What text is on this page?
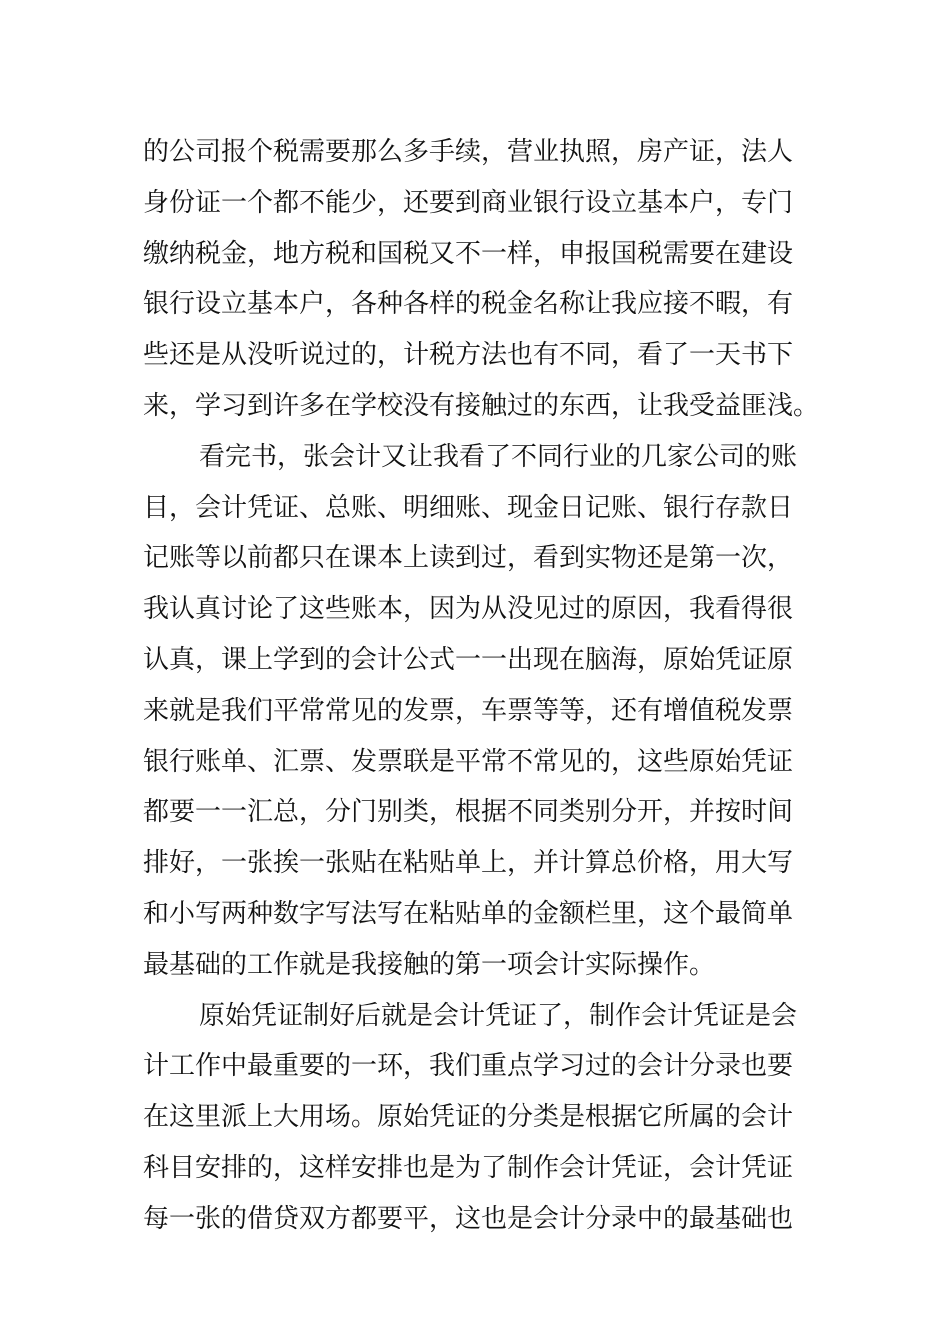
的公司报个税需要那么多手续，营业执照，房产证，法人
身份证一个都不能少，还要到商业银行设立基本户，专门
缴纳税金，地方税和国税又不一样，申报国税需要在建设
银行设立基本户，各种各样的税金名称让我应接不暇，有
些还是从没听说过的，计税方法也有不同，看了一天书下
来，学习到许多在学校没有接触过的东西，让我受益匪浅。
看完书，张会计又让我看了不同行业的几家公司的账
目，会计凭证、总账、明细账、现金日记账、银行存款日
记账等以前都只在课本上读到过，看到实物还是第一次，
我认真讨论了这些账本，因为从没见过的原因，我看得很
认真，课上学到的会计公式一一出现在脑海，原始凭证原
来就是我们平常常见的发票，车票等等，还有增值税发票
银行账单、汇票、发票联是平常不常见的，这些原始凭证
都要一一汇总，分门别类，根据不同类别分开，并按时间
排好，一张挨一张贴在粘贴单上，并计算总价格，用大写
和小写两种数字写法写在粘贴单的金额栏里，这个最简单
最基础的工作就是我接触的第一项会计实际操作。
原始凭证制好后就是会计凭证了，制作会计凭证是会
计工作中最重要的一环，我们重点学习过的会计分录也要
在这里派上大用场。原始凭证的分类是根据它所属的会计
科目安排的，这样安排也是为了制作会计凭证，会计凭证
每一张的借贷双方都要平，这也是会计分录中的最基础也
